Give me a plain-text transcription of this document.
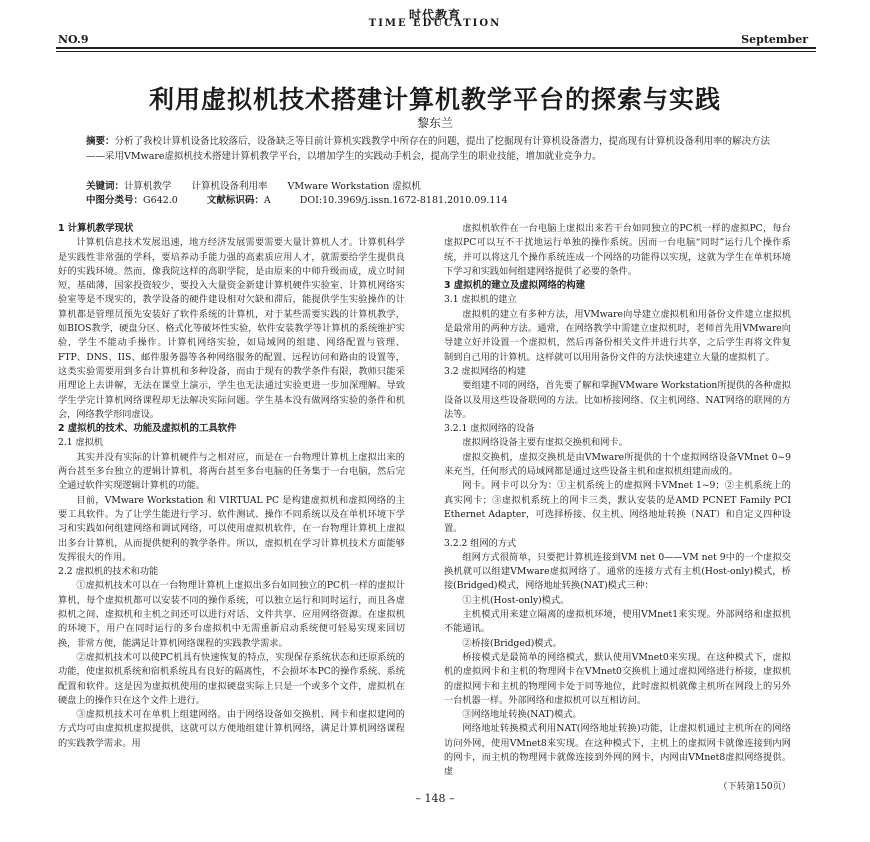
时代教育
TIME EDUCATION
NO.9	September
利用虚拟机技术搭建计算机教学平台的探索与实践
黎东兰
摘要：分析了我校计算机设备比较落后，设备缺乏等目前计算机实践教学中所存在的问题，提出了挖掘现有计算机设备潜力，提高现有计算机设备利用率的解决方法——采用VMware虚拟机技术搭建计算机教学平台，以增加学生的实践动手机会，提高学生的职业技能，增加就业竞争力。
关键词：计算机教学 计算机设备利用率 VMware Workstation 虚拟机
中图分类号：G642.0	文献标识码：A	DOI:10.3969/j.issn.1672-8181.2010.09.114
1 计算机教学现状

计算机信息技术发展迅速，地方经济发展需要需要大量计算机人才。计算机科学是实践性非常强的学科，要培养动手能力强的高素质应用人才，就需要给学生提供良好的实践环境。然而，像我院这样的高职学院，是由原来的中师升级而成，成立时间短，基础薄，国家投资较少，要投入大量资金新建计算机硬件实验室、计算机网络实验室等是不现实的，教学设备的硬件建设相对欠缺和滞后，能提供学生实验操作的计算机都是管理员预先安装好了软件系统的计算机，对于某些需要实践的计算机教学，如BIOS教学，硬盘分区、格式化等破坏性实验，软件安装教学等计算机的系统维护实验，学生不能动手操作。计算机网络实验，如局域网的组建、网络配置与管理、FTP、DNS、IIS、邮件服务器等各种网络服务的配置、远程访问和路由的设置等，这类实验需要用到多台计算机和多种设备，而由于现有的教学条件有限，教师只能采用理论上去讲解，无法在课堂上演示，学生也无法通过实验更进一步加深理解。导致学生学完计算机网络课程却无法解决实际问题。学生基本没有做网络实验的条件和机会，网络教学形同虚设。

2 虚拟机的技术、功能及虚拟机的工具软件
2.1 虚拟机

其实并没有实际的计算机硬件与之相对应，而是在一台物理计算机上虚拟出来的两台甚至多台独立的逻辑计算机，将两台甚至多台电脑的任务集于一台电脑，然后完全通过软件实现逻辑计算机的功能。

目前，VMware Workstation 和 VIRTUAL PC 是构建虚拟机和虚拟网络的主要工具软件。为了让学生能进行学习、软件测试、操作不同系统以及在单机环境下学习和实践如何组建网络和调试网络，可以使用虚拟机软件，在一台物理计算机上虚拟出多台计算机，从而提供便利的教学条件。所以，虚拟机在学习计算机技术方面能够发挥很大的作用。

2.2 虚拟机的技术和功能

①虚拟机技术可以在一台物理计算机上虚拟出多台如同独立的PC机一样的虚拟计算机，每个虚拟机都可以安装不同的操作系统，可以独立运行和同时运行，而且各虚拟机之间、虚拟机和主机之间还可以进行对话、文件共享、应用网络资源。在虚拟机的环境下，用户在同时运行的多台虚拟机中无需重新启动系统便可轻易实现来回切换，非常方便，能满足计算机网络课程的实践教学需求。

②虚拟机技术可以使PC机具有快速恢复的特点，实现保存系统状态和还原系统的功能，使虚拟机系统和宿机系统具有良好的隔离性，不会损坏本PC的操作系统、系统配置和软件。这是因为虚拟机使用的虚拟硬盘实际上只是一个或多个文件，虚拟机在硬盘上的操作只在这个文件上进行。

③虚拟机技术可在单机上组建网络。由于网络设备如交换机、网卡和虚拟建网的方式均可由虚拟机虚拟提供，这就可以方便地组建计算机网络，满足计算机网络课程的实践教学需求。用

虚拟机软件在一台电脑上虚拟出来若干台如同独立的PC机一样的虚拟PC，每台虚拟PC可以互不干扰地运行单独的操作系统。因而一台电脑“同时”运行几个操作系统，并可以将这几个操作系统连成一个网络的功能得以实现，这就为学生在单机环境下学习和实践如何组建网络提供了必要的条件。

3 虚拟机的建立及虚拟网络的构建
3.1 虚拟机的建立

虚拟机的建立有多种方法，用VMware向导建立虚拟机和用备份文件建立虚拟机是最常用的两种方法。通常，在网络教学中需建立虚拟机时，老师首先用VMware向导建立好并设置一个虚拟机，然后再备份相关文件并进行共享，之后学生再将文件复制到自己用的计算机。这样就可以用用备份文件的方法快速建立大量的虚拟机了。

3.2 虚拟网络的构建

要组建不同的网络，首先要了解和掌握VMware Workstation所提供的各种虚拟设备以及用这些设备联网的方法。比如桥接网络、仅主机网络、NAT网络的联网的方法等。

3.2.1 虚拟网络的设备

虚拟网络设备主要有虚拟交换机和网卡。

虚拟交换机，虚拟交换机是由VMware所提供的十个虚拟网络设备VMnet 0~9来充当，任何形式的局域网都是通过这些设备主机和虚拟机组建而成的。

网卡。网卡可以分为：①主机系统上的虚拟网卡VMnet 1~9；②主机系统上的真实网卡；③虚拟机系统上的网卡三类，默认安装的是AMD PCNET Family PCI Ethernet Adapter，可选择桥接、仅主机、网络地址转换（NAT）和自定义四种设置。

3.2.2 组网的方式

组网方式很简单，只要把计算机连接到VM net 0——VM net 9中的一个虚拟交换机就可以组建VMware虚拟网络了。通常的连接方式有主机(Host-only)模式，桥接(Bridged)模式，网络地址转换(NAT)模式三种：

①主机(Host-only)模式。

主机模式用来建立隔离的虚拟机环境，使用VMnet1来实现。外部网络和虚拟机不能通讯。

②桥接(Bridged)模式。

桥接模式是最简单的网络模式，默认使用VMnet0来实现。在这种模式下，虚拟机的虚拟网卡和主机的物理网卡在VMnet0交换机上通过虚拟网络进行桥接，虚拟机的虚拟网卡和主机的物理网卡处于同等地位，此时虚拟机就像主机所在网段上的另外一台机器一样。外部网络和虚拟机可以互相访问。

③网络地址转换(NAT)模式。

网络地址转换模式利用NAT(网络地址转换)功能，让虚拟机通过主机所在的网络访问外网，使用VMnet8来实现。在这种模式下，主机上的虚拟网卡就像连接到内网的网卡，而主机的物理网卡就像连接到外网的网卡，内网由VMnet8虚拟网络提供。虚

（下转第150页）

– 148 –
